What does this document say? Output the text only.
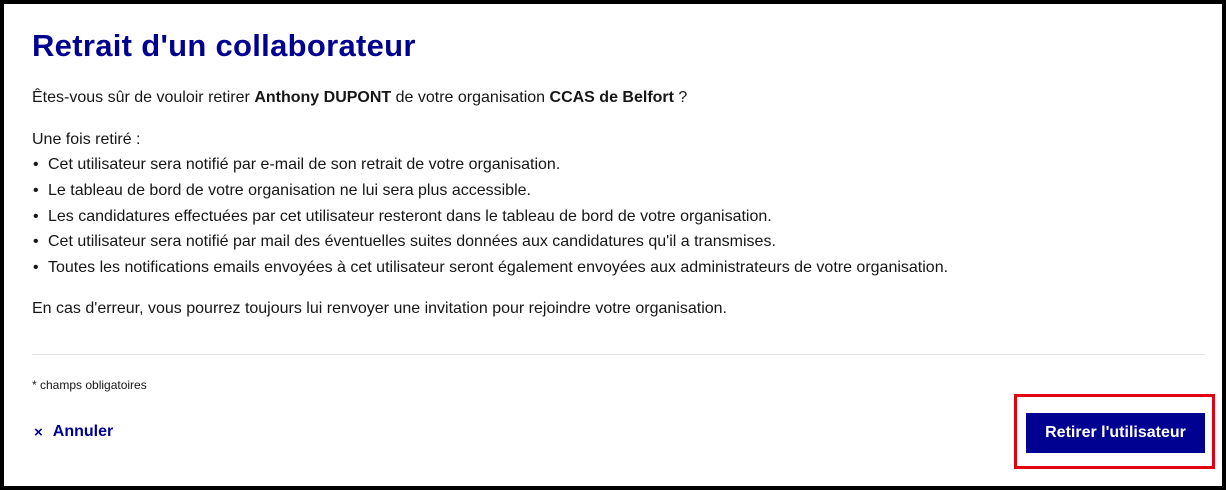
Retrait d'un collaborateur

Êtes-vous sûr de vouloir retirer Anthony DUPONT de votre organisation CCAS de Belfort ?

Une fois retiré :
• Cet utilisateur sera notifié par e-mail de son retrait de votre organisation.
• Le tableau de bord de votre organisation ne lui sera plus accessible.
• Les candidatures effectuées par cet utilisateur resteront dans le tableau de bord de votre organisation.
• Cet utilisateur sera notifié par mail des éventuelles suites données aux candidatures qu'il a transmises.
• Toutes les notifications emails envoyées à cet utilisateur seront également envoyées aux administrateurs de votre organisation.

En cas d'erreur, vous pourrez toujours lui renvoyer une invitation pour rejoindre votre organisation.

* champs obligatoires

× Annuler	Retirer l'utilisateur
